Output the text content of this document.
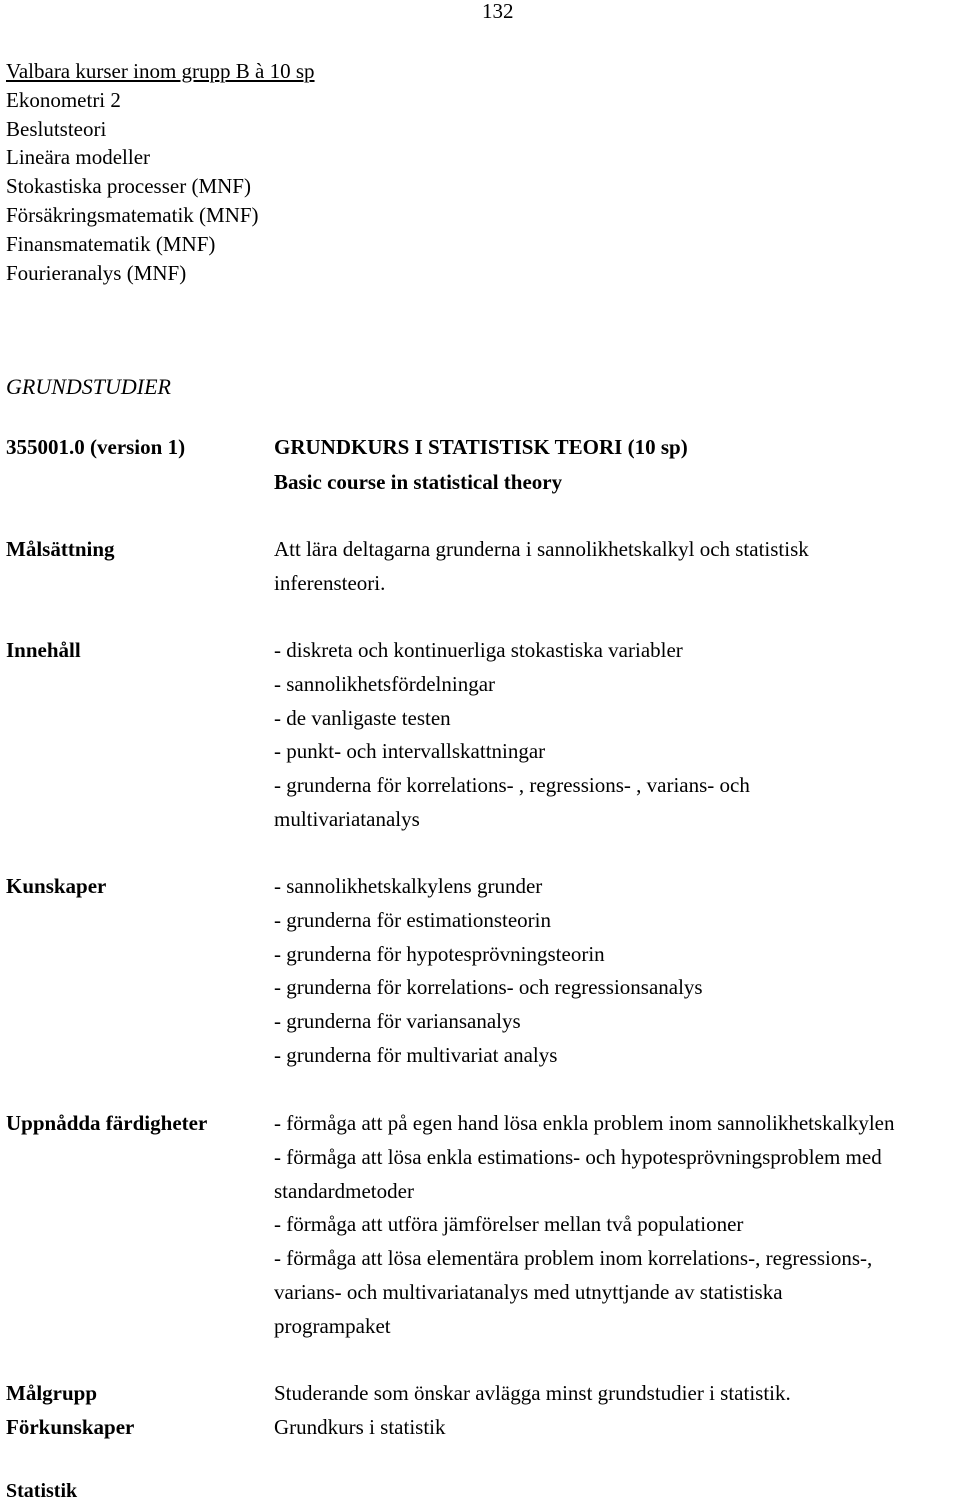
132
Valbara kurser inom grupp B à 10 sp
Ekonometri 2
Beslutsteori
Lineära modeller
Stokastiska processer (MNF)
Försäkringsmatematik (MNF)
Finansmatematik (MNF)
Fourieranalys (MNF)
GRUNDSTUDIER
355001.0 (version 1)	GRUNDKURS I STATISTISK TEORI (10 sp)
Basic course in statistical theory
Målsättning	Att lära deltagarna grunderna i sannolikhetskalkyl och statistisk
inferensteori.
Innehåll	- diskreta och kontinuerliga stokastiska variabler
- sannolikhetsfördelningar
- de vanligaste testen
- punkt- och intervallskattningar
- grunderna för korrelations- , regressions- , varians- och
multivariatanalys
Kunskaper	- sannolikhetskalkylens grunder
- grunderna för estimationsteorin
- grunderna för hypotesprövningsteorin
- grunderna för korrelations- och regressionsanalys
- grunderna för variansanalys
- grunderna för multivariat analys
Uppnådda färdigheter	- förmåga att på egen hand lösa enkla problem inom sannolikhetskalkylen
- förmåga att lösa enkla estimations- och hypotesprövningsproblem med
standardmetoder
- förmåga att utföra jämförelser mellan två populationer
- förmåga att lösa elementära problem inom korrelations-, regressions-,
varians- och multivariatanalys med utnyttjande av statistiska
programpaket
Målgrupp	Studerande som önskar avlägga minst grundstudier i statistik.
Förkunskaper	Grundkurs i statistik
Statistik
